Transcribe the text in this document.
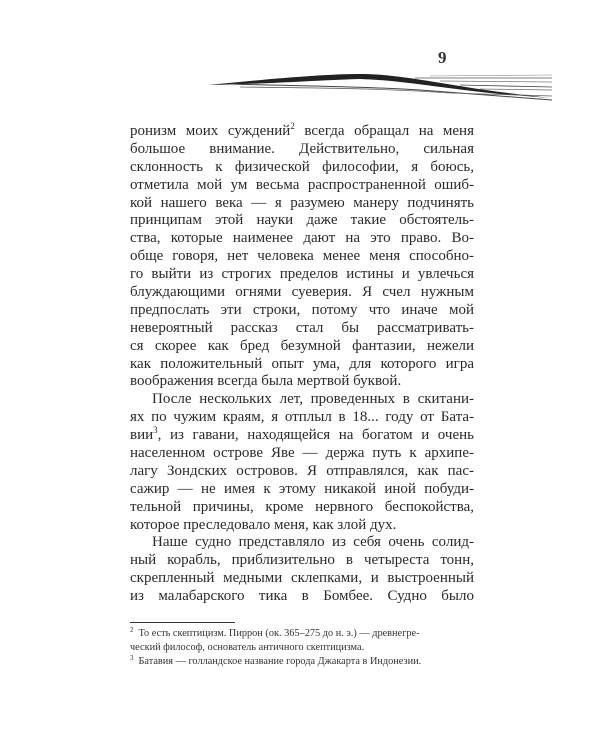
9
ронизм моих суждений$^2$ всегда обращал на меня
большое внимание. Действительно, сильная
склонность к физической философии, я боюсь,
отметила мой ум весьма распространенной ошиб-
кой нашего века — я разумею манеру подчинять
принципам этой науки даже такие обстоятель-
ства, которые наименее дают на это право. Во-
обще говоря, нет человека менее меня способно-
го выйти из строгих пределов истины и увлечься
блуждающими огнями суеверия. Я счел нужным
предпослать эти строки, потому что иначе мой
невероятный рассказ стал бы рассматривать-
ся скорее как бред безумной фантазии, нежели
как положительный опыт ума, для которого игра
воображения всегда была мертвой буквой.
После нескольких лет, проведенных в скитани-
ях по чужим краям, я отплыл в 18... году от Бата-
вии$^3$, из гавани, находящейся на богатом и очень
населенном острове Яве — держа путь к архипе-
лагу Зондских островов. Я отправлялся, как пас-
сажир — не имея к этому никакой иной побуди-
тельной причины, кроме нервного беспокойства,
которое преследовало меня, как злой дух.
Наше судно представляло из себя очень солид-
ный корабль, приблизительно в четыреста тонн,
скрепленный медными склепками, и выстроенный
из малабарского тика в Бомбее. Судно было
$^2$ То есть скептицизм. Пиррон (ок. 365–275 до н. э.) — древнегре-
ческий философ, основатель античного скептицизма.
$^3$ Батавия — голландское название города Джакарта в Индонезии.
